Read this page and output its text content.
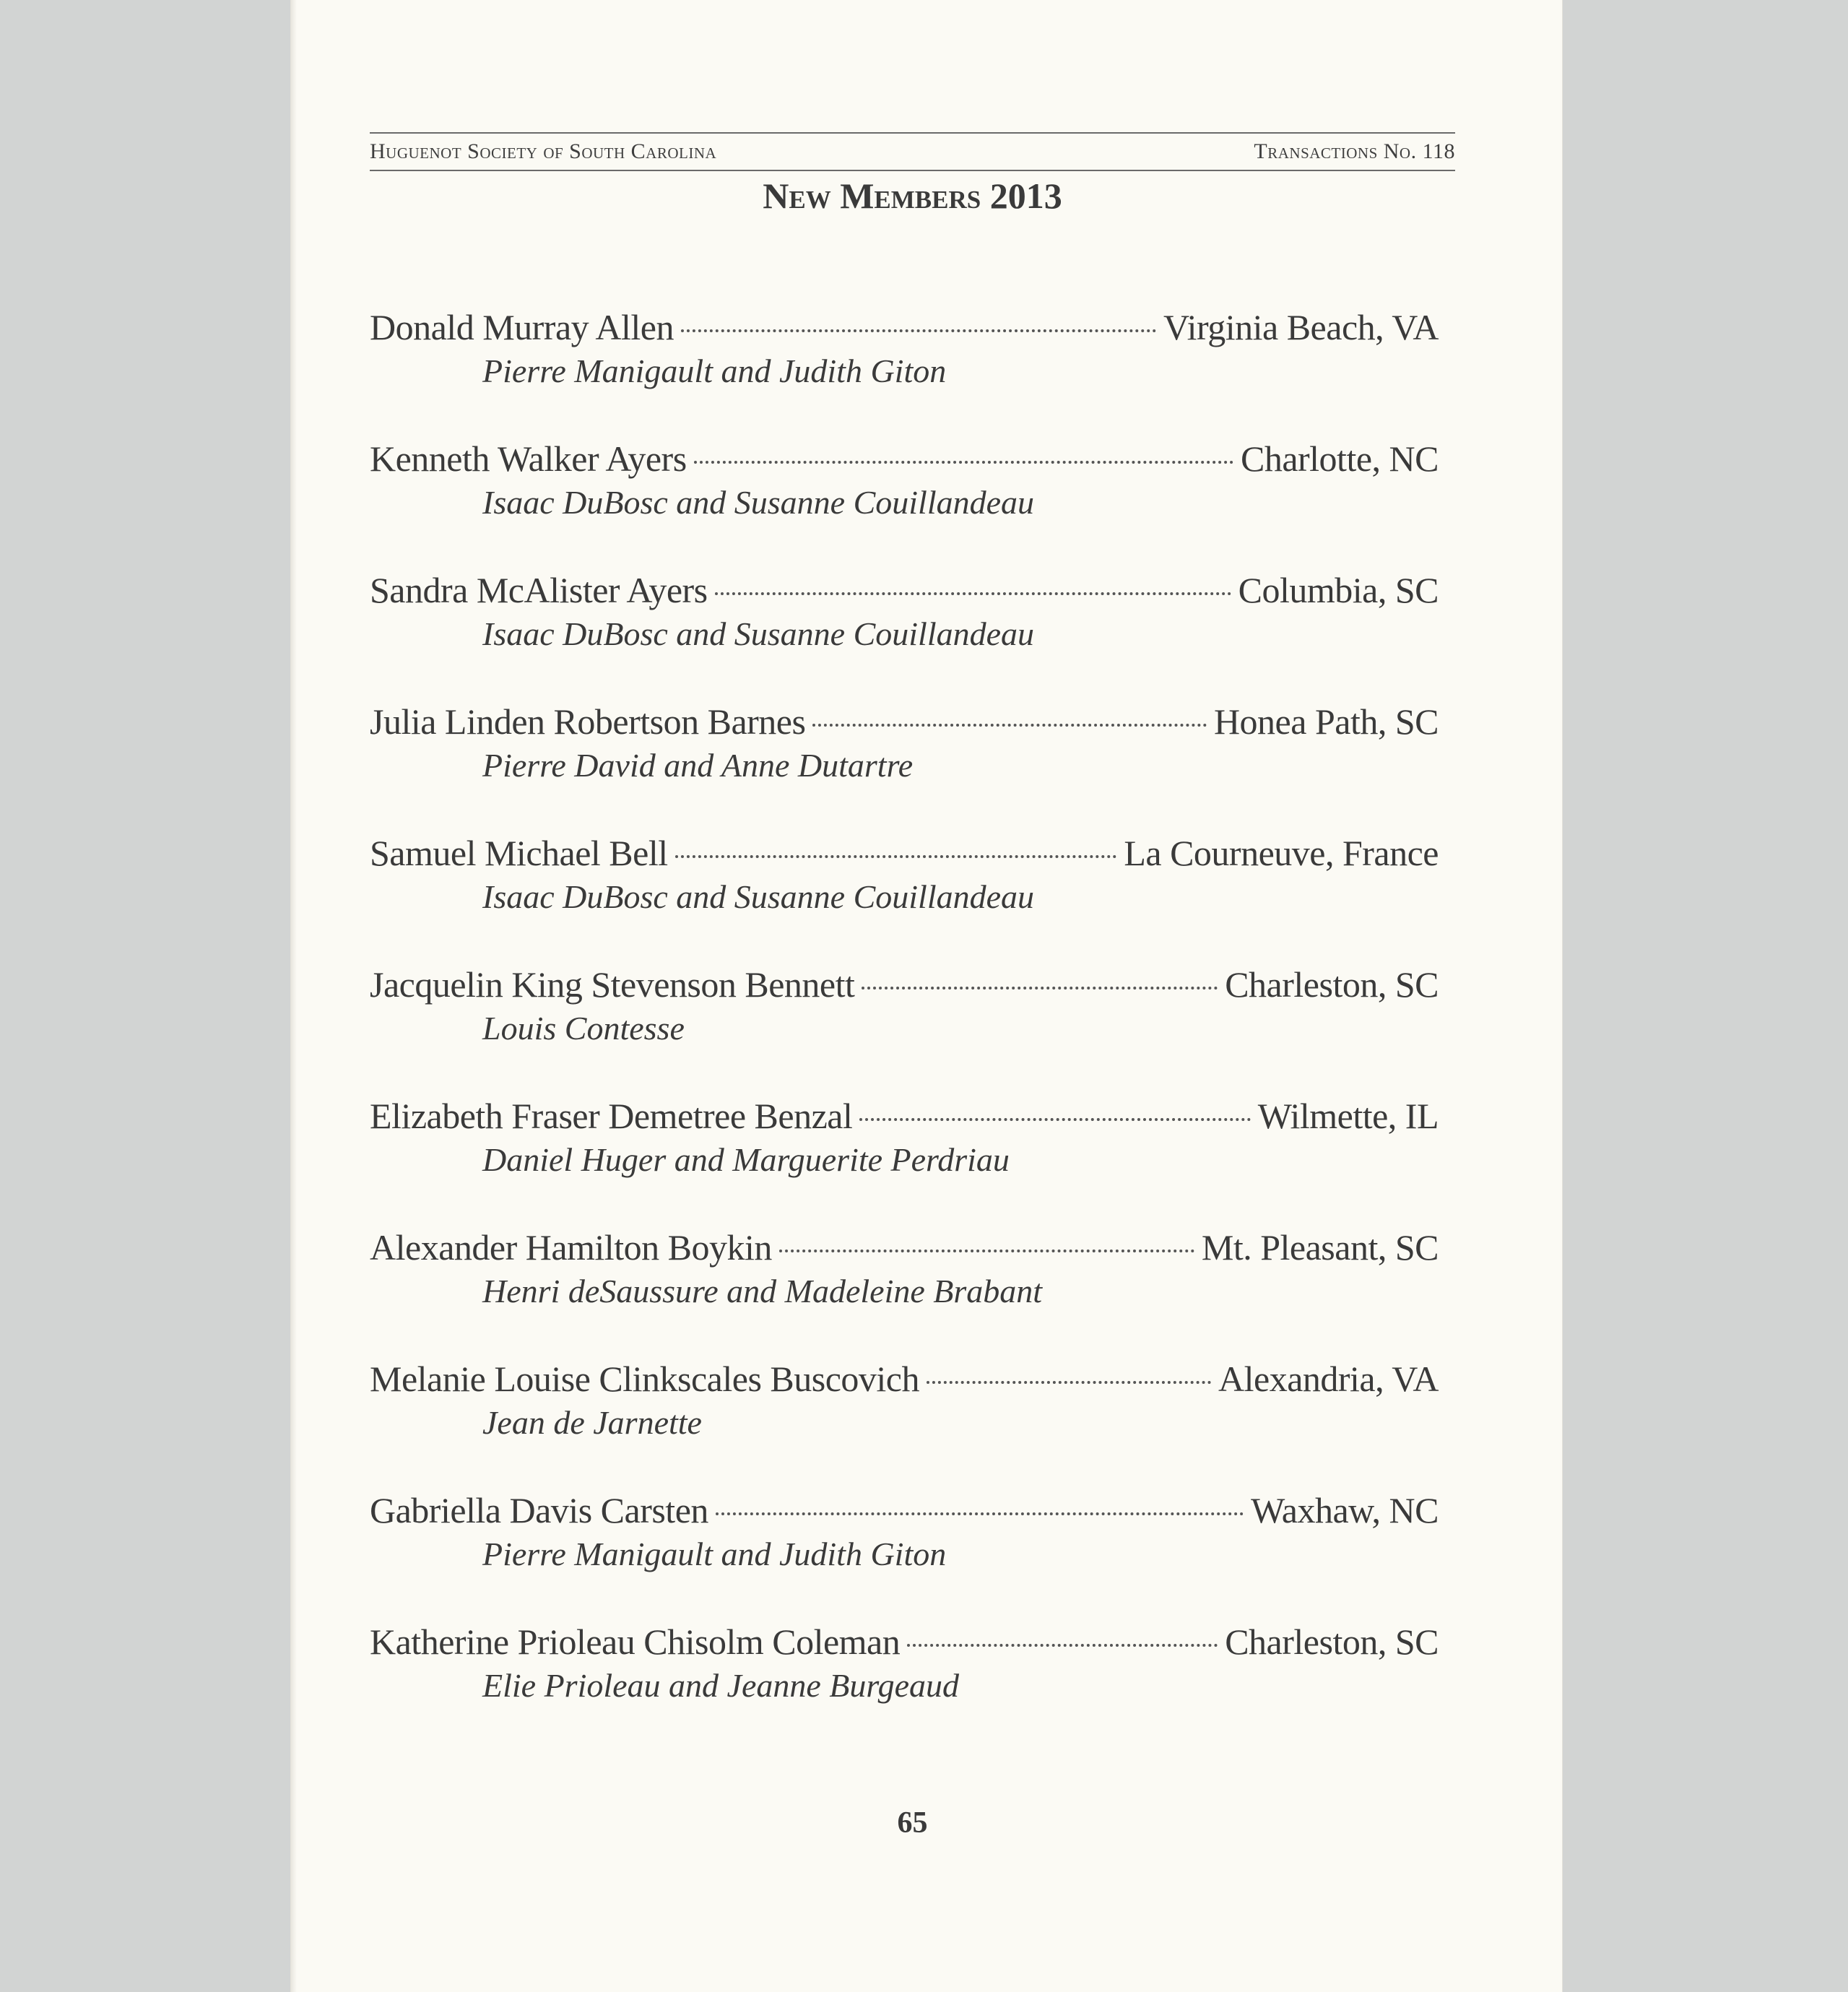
Huguenot Society of South Carolina	Transactions No. 118
New Members 2013
Donald Murray Allen	Virginia Beach, VA
Pierre Manigault and Judith Giton
Kenneth Walker Ayers	Charlotte, NC
Isaac DuBosc and Susanne Couillandeau
Sandra McAlister Ayers	Columbia, SC
Isaac DuBosc and Susanne Couillandeau
Julia Linden Robertson Barnes	Honea Path, SC
Pierre David and Anne Dutartre
Samuel Michael Bell	La Courneuve, France
Isaac DuBosc and Susanne Couillandeau
Jacquelin King Stevenson Bennett	Charleston, SC
Louis Contesse
Elizabeth Fraser Demetree Benzal	Wilmette, IL
Daniel Huger and Marguerite Perdriau
Alexander Hamilton Boykin	Mt. Pleasant, SC
Henri deSaussure and Madeleine Brabant
Melanie Louise Clinkscales Buscovich	Alexandria, VA
Jean de Jarnette
Gabriella Davis Carsten	Waxhaw, NC
Pierre Manigault and Judith Giton
Katherine Prioleau Chisolm Coleman	Charleston, SC
Elie Prioleau and Jeanne Burgeaud
65
